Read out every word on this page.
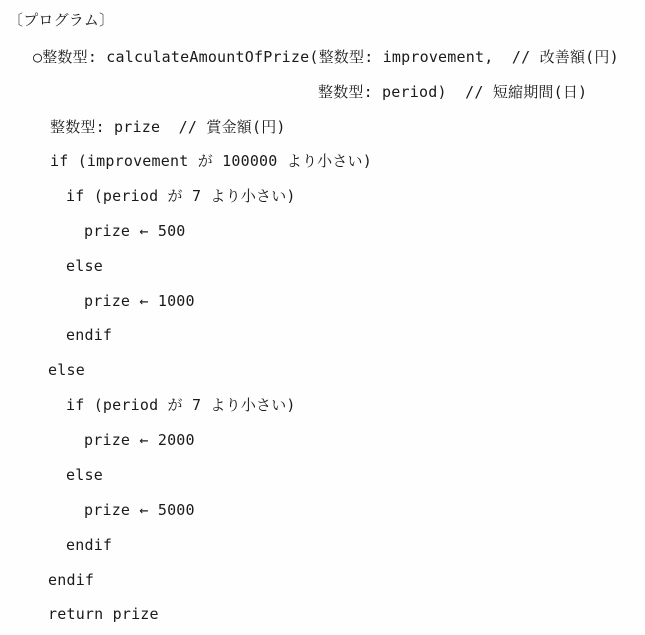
〔プログラム〕
○整数型: calculateAmountOfPrize(整数型: improvement,  // 改善額(円)
整数型: period)  // 短縮期間(日)
整数型: prize  // 賞金額(円)
if (improvement が 100000 より小さい)
if (period が 7 より小さい)
prize ← 500
else
prize ← 1000
endif
else
if (period が 7 より小さい)
prize ← 2000
else
prize ← 5000
endif
endif
return prize
